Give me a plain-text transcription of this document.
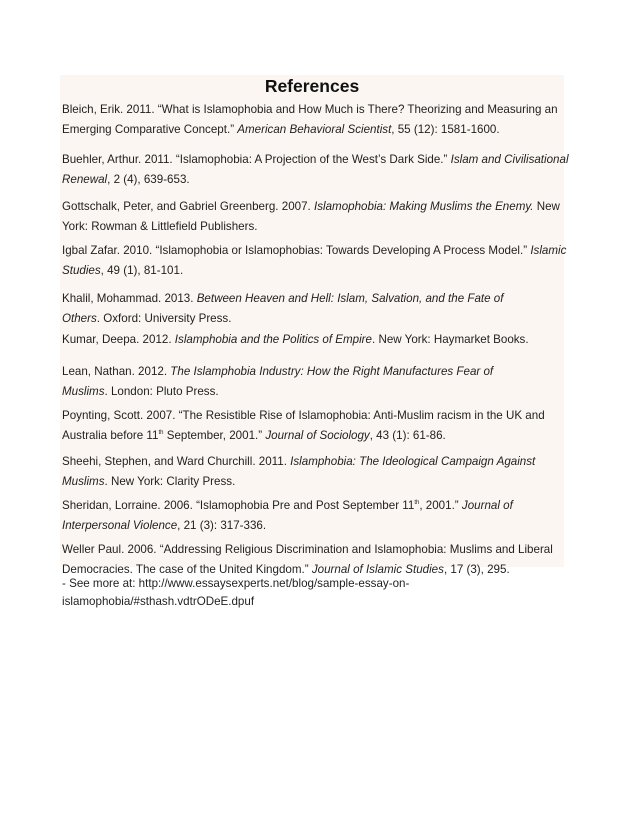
References

Bleich, Erik. 2011. “What is Islamophobia and How Much is There? Theorizing and Measuring an
Emerging Comparative Concept.” American Behavioral Scientist, 55 (12): 1581-1600.

Buehler, Arthur. 2011. “Islamophobia: A Projection of the West’s Dark Side.” Islam and Civilisational
Renewal, 2 (4), 639-653.

Gottschalk, Peter, and Gabriel Greenberg. 2007. Islamophobia: Making Muslims the Enemy. New
York: Rowman & Littlefield Publishers.

Igbal Zafar. 2010. “Islamophobia or Islamophobias: Towards Developing A Process Model.” Islamic
Studies, 49 (1), 81-101.

Khalil, Mohammad. 2013. Between Heaven and Hell: Islam, Salvation, and the Fate of
Others. Oxford: University Press.

Kumar, Deepa. 2012. Islamphobia and the Politics of Empire. New York: Haymarket Books.

Lean, Nathan. 2012. The Islamphobia Industry: How the Right Manufactures Fear of
Muslims. London: Pluto Press.

Poynting, Scott. 2007. “The Resistible Rise of Islamophobia: Anti-Muslim racism in the UK and
Australia before 11th September, 2001.” Journal of Sociology, 43 (1): 61-86.

Sheehi, Stephen, and Ward Churchill. 2011. Islamphobia: The Ideological Campaign Against
Muslims. New York: Clarity Press.

Sheridan, Lorraine. 2006. “Islamophobia Pre and Post September 11th, 2001.” Journal of
Interpersonal Violence, 21 (3): 317-336.

Weller Paul. 2006. “Addressing Religious Discrimination and Islamophobia: Muslims and Liberal
Democracies. The case of the United Kingdom.” Journal of Islamic Studies, 17 (3), 295.

- See more at: http://www.essaysexperts.net/blog/sample-essay-on-
islamophobia/#sthash.vdtrODeE.dpuf
